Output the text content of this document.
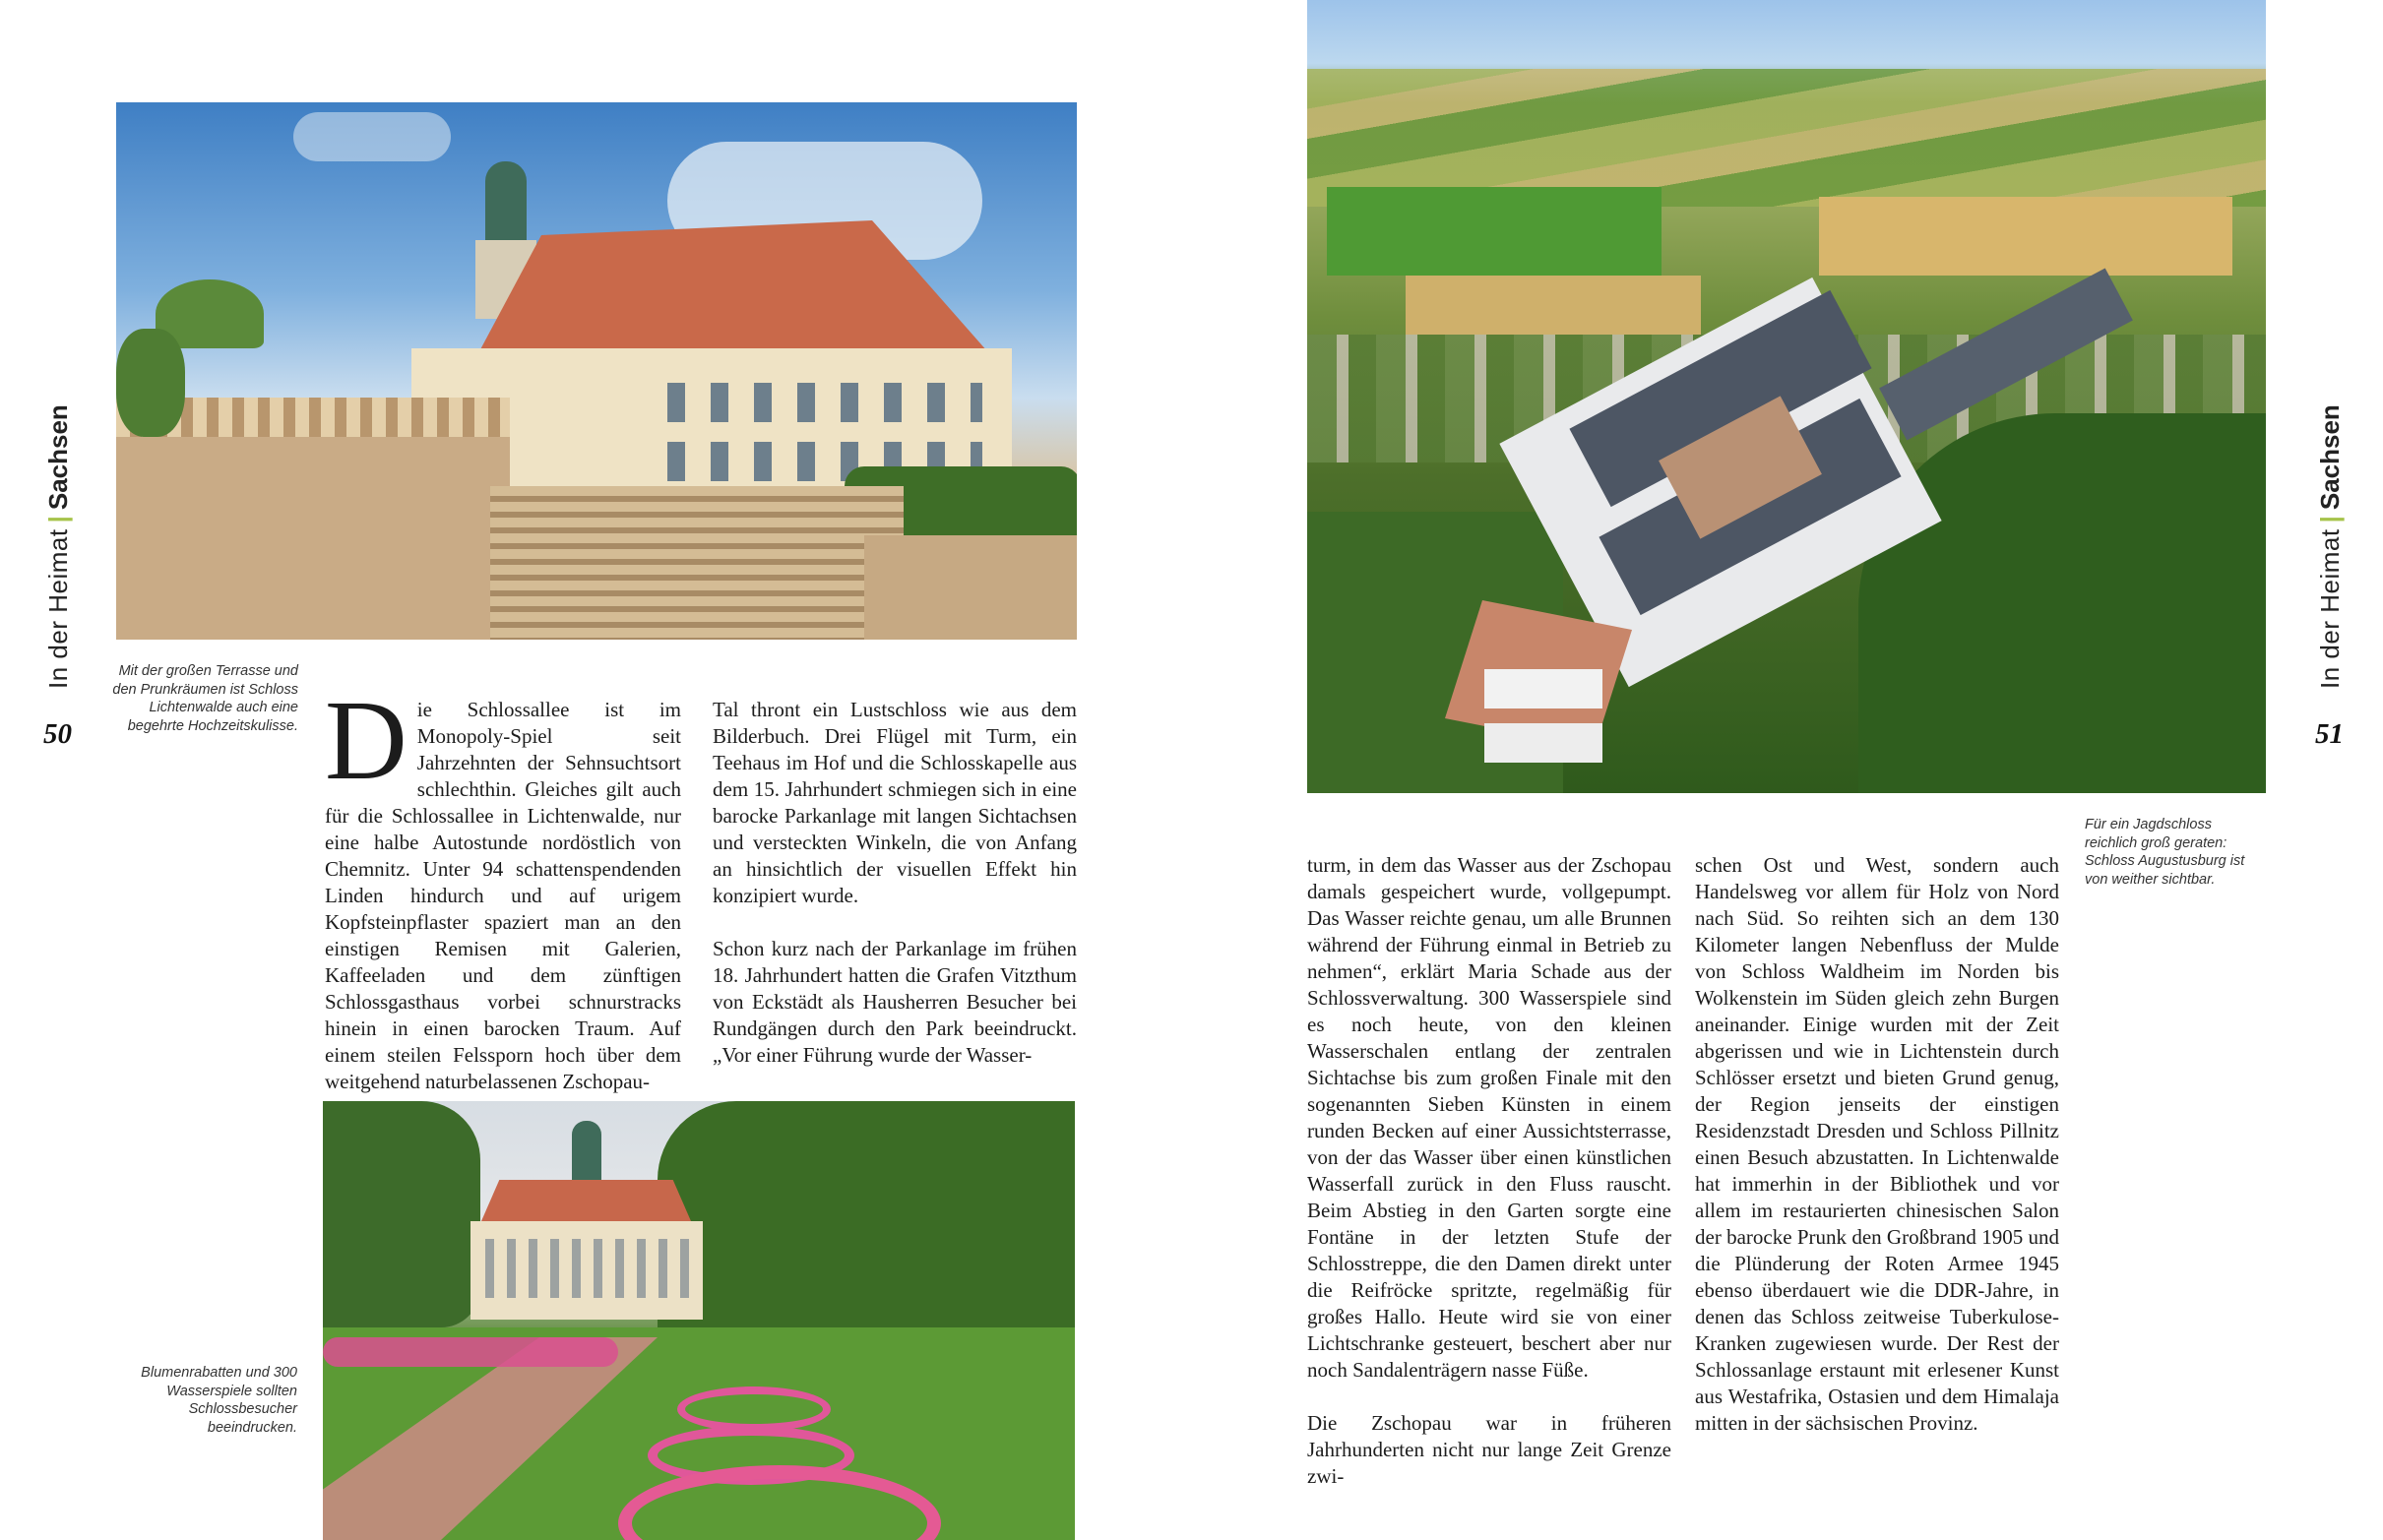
In der Heimat|Sachsen
In der Heimat|Sachsen
50	51
Mit der großen Terrasse und den Prunkräumen ist Schloss Lichtenwalde auch eine begehrte Hochzeitskulisse.
Blumenrabatten und 300 Wasserspiele sollten Schlossbesucher beeindrucken.
Für ein Jagdschloss reichlich groß geraten: Schloss Augustusburg ist von weither sichtbar.

Die Schlossallee ist im Monopoly-Spiel seit Jahrzehnten der Sehnsuchtsort schlechthin. Gleiches gilt auch für die Schlossallee in Lichtenwalde, nur eine halbe Autostunde nordöstlich von Chemnitz. Unter 94 schattenspendenden Linden hindurch und auf urigem Kopfsteinpflaster spaziert man an den einstigen Remisen mit Galerien, Kaffeeladen und dem zünftigen Schlossgasthaus vorbei schnurstracks hinein in einen barocken Traum. Auf einem steilen Felssporn hoch über dem weitgehend naturbelassenen Zschopau-

Tal thront ein Lustschloss wie aus dem Bilderbuch. Drei Flügel mit Turm, ein Teehaus im Hof und die Schlosskapelle aus dem 15. Jahrhundert schmiegen sich in eine barocke Parkanlage mit langen Sichtachsen und versteckten Winkeln, die von Anfang an hinsichtlich der visuellen Effekt hin konzipiert wurde.

Schon kurz nach der Parkanlage im frühen 18. Jahrhundert hatten die Grafen Vitzthum von Eckstädt als Hausherren Besucher bei Rundgängen durch den Park beeindruckt. „Vor einer Führung wurde der Wasser-

turm, in dem das Wasser aus der Zschopau damals gespeichert wurde, vollgepumpt. Das Wasser reichte genau, um alle Brunnen während der Führung einmal in Betrieb zu nehmen“, erklärt Maria Schade aus der Schlossverwaltung. 300 Wasserspiele sind es noch heute, von den kleinen Wasserschalen entlang der zentralen Sichtachse bis zum großen Finale mit den sogenannten Sieben Künsten in einem runden Becken auf einer Aussichtsterrasse, von der das Wasser über einen künstlichen Wasserfall zurück in den Fluss rauscht. Beim Abstieg in den Garten sorgte eine Fontäne in der letzten Stufe der Schlosstreppe, die den Damen direkt unter die Reifröcke spritzte, regelmäßig für großes Hallo. Heute wird sie von einer Lichtschranke gesteuert, beschert aber nur noch Sandalenträgern nasse Füße.

Die Zschopau war in früheren Jahrhunderten nicht nur lange Zeit Grenze zwi-

schen Ost und West, sondern auch Handelsweg vor allem für Holz von Nord nach Süd. So reihten sich an dem 130 Kilometer langen Nebenfluss der Mulde von Schloss Waldheim im Norden bis Wolkenstein im Süden gleich zehn Burgen aneinander. Einige wurden mit der Zeit abgerissen und wie in Lichtenstein durch Schlösser ersetzt und bieten Grund genug, der Region jenseits der einstigen Residenzstadt Dresden und Schloss Pillnitz einen Besuch abzustatten. In Lichtenwalde hat immerhin in der Bibliothek und vor allem im restaurierten chinesischen Salon der barocke Prunk den Großbrand 1905 und die Plünderung der Roten Armee 1945 ebenso überdauert wie die DDR-Jahre, in denen das Schloss zeitweise Tuberkulose-Kranken zugewiesen wurde. Der Rest der Schlossanlage erstaunt mit erlesener Kunst aus Westafrika, Ostasien und dem Himalaja mitten in der sächsischen Provinz.
